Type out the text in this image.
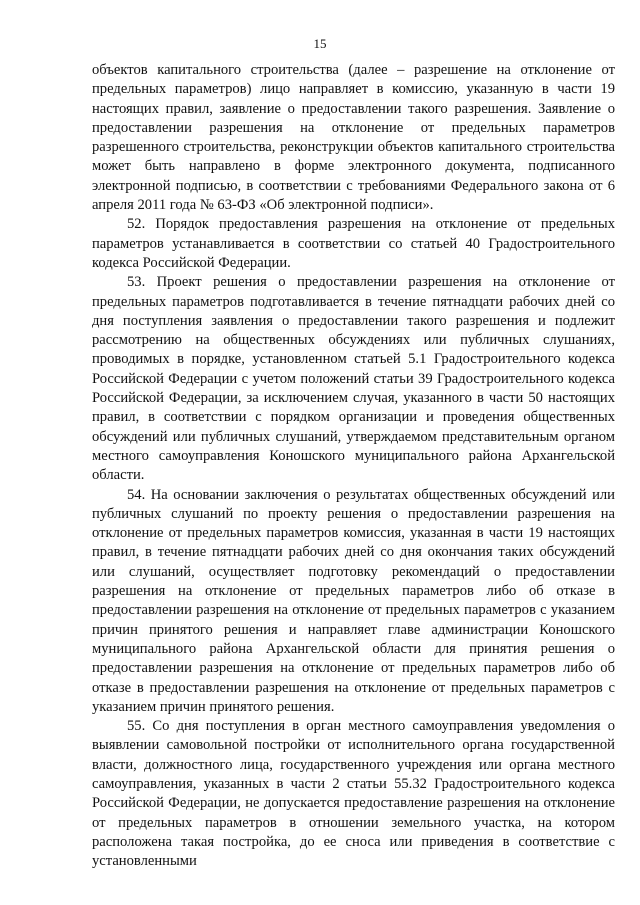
15

объектов капитального строительства (далее – разрешение на отклонение от предельных параметров) лицо направляет в комиссию, указанную в части 19 настоящих правил, заявление о предоставлении такого разрешения. Заявление о предоставлении разрешения на отклонение от предельных параметров разрешенного строительства, реконструкции объектов капитального строительства может быть направлено в форме электронного документа, подписанного электронной подписью, в соответствии с требованиями Федерального закона от 6 апреля 2011 года № 63-ФЗ «Об электронной подписи».

52. Порядок предоставления разрешения на отклонение от предельных параметров устанавливается в соответствии со статьей 40 Градостроительного кодекса Российской Федерации.

53. Проект решения о предоставлении разрешения на отклонение от предельных параметров подготавливается в течение пятнадцати рабочих дней со дня поступления заявления о предоставлении такого разрешения и подлежит рассмотрению на общественных обсуждениях или публичных слушаниях, проводимых в порядке, установленном статьей 5.1 Градостроительного кодекса Российской Федерации с учетом положений статьи 39 Градостроительного кодекса Российской Федерации, за исключением случая, указанного в части 50 настоящих правил, в соответствии с порядком организации и проведения общественных обсуждений или публичных слушаний, утверждаемом представительным органом местного самоуправления Коношского муниципального района Архангельской области.

54. На основании заключения о результатах общественных обсуждений или публичных слушаний по проекту решения о предоставлении разрешения на отклонение от предельных параметров комиссия, указанная в части 19 настоящих правил, в течение пятнадцати рабочих дней со дня окончания таких обсуждений или слушаний, осуществляет подготовку рекомендаций о предоставлении разрешения на отклонение от предельных параметров либо об отказе в предоставлении разрешения на отклонение от предельных параметров с указанием причин принятого решения и направляет главе администрации Коношского муниципального района Архангельской области для принятия решения о предоставлении разрешения на отклонение от предельных параметров либо об отказе в предоставлении разрешения на отклонение от предельных параметров с указанием причин принятого решения.

55. Со дня поступления в орган местного самоуправления уведомления о выявлении самовольной постройки от исполнительного органа государственной власти, должностного лица, государственного учреждения или органа местного самоуправления, указанных в части 2 статьи 55.32 Градостроительного кодекса Российской Федерации, не допускается предоставление разрешения на отклонение от предельных параметров в отношении земельного участка, на котором расположена такая постройка, до ее сноса или приведения в соответствие с установленными
